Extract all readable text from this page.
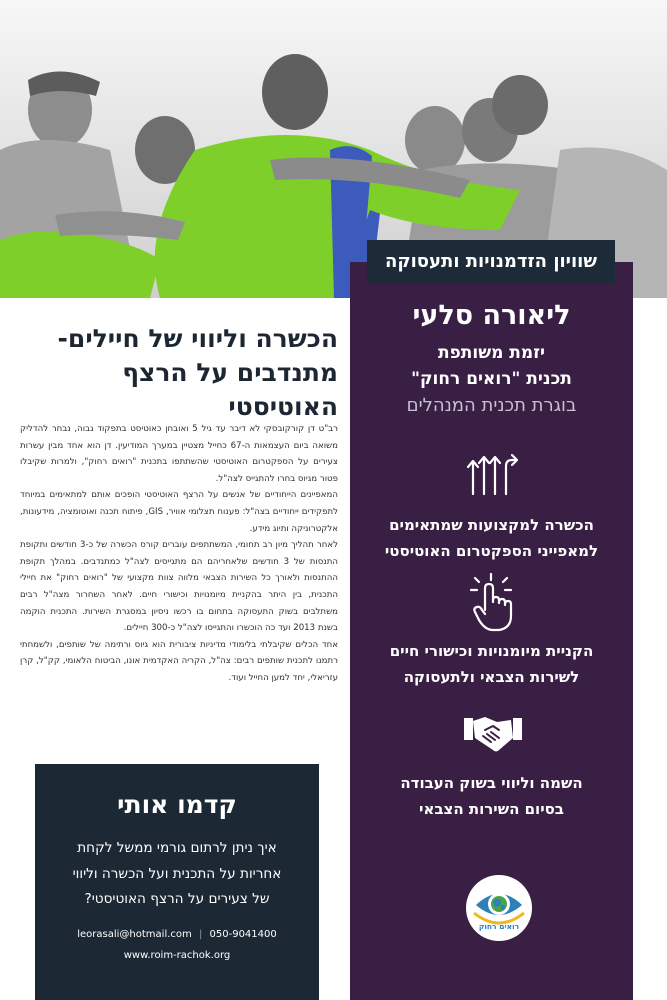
שוויון הזדמנויות ותעסוקה
ליאורה סלעי
יזמת משותפת
תכנית "רואים רחוק"
בוגרת תכנית המנהלים
הכשרה למקצועות שמתאימים
למאפייני הספקטרום האוטיסטי
הקניית מיומנויות וכישורי חיים
לשירות הצבאי ולתעסוקה
השמה וליווי בשוק העבודה
בסיום השירות הצבאי
רואים רחוק
הכשרה וליווי של חיילים-
מתנדבים על הרצף
האוטיסטי

רב"ט דן קורקובסקי לא דיבר עד גיל 5 ואובחן כאוטיסט בתפקוד גבוה, נבחר להדליק משואה ביום העצמאות ה-67 כחייל מצטיין במערך המודיעין. דן הוא אחד מבין עשרות צעירים על הספקטרום האוטיסטי שהשתתפו בתכנית "רואים רחוק", ולמרות שקיבלו פטור מגיוס בחרו להתגייס לצה"ל.

המאפיינים הייחודיים של אנשים על הרצף האוטיסטי הופכים אותם למתאימים במיוחד לתפקידים ייחודיים בצה"ל: פענוח תצלומי אוויר, GIS, פיתוח תכנה ואוטומציה, מידעונות, אלקטרוניקה ותיוג מידע.

לאחר תהליך מיון רב תחומי, המשתתפים עוברים קורס הכשרה של כ-3 חודשים ותקופת התנסות של 3 חודשים שלאחריהם הם מתגייסים לצה"ל כמתנדבים. במהלך תקופת ההתנסות ולאורך כל השירות הצבאי מלווה צוות מקצועי של "רואים רחוק" את חיילי התכנית, בין היתר בהקניית מיומנויות וכישורי חיים. לאחר השחרור מצה"ל רבים משתלבים בשוק התעסוקה בתחום בו רכשו ניסיון במסגרת השירות. התכנית הוקמה בשנת 2013 ועד כה הוכשרו והתגייסו לצה"ל כ-300 חיילים.

אחד הכלים שקיבלתי בלימודי מדיניות ציבורית הוא גיוס ורתימה של שותפים, ולשמחתי רתמנו לתכנית שותפים רבים: צה"ל, הקריה האקדמית אונו, הביטוח הלאומי, קק"ל, קרן עזריאלי, יחד למען החייל ועוד.

קדמו אותי
איך ניתן לרתום גורמי ממשל לקחת
אחריות על התכנית ועל הכשרה וליווי
של צעירים על הרצף האוטיסטי?
leorasali@hotmail.com | 050-9041400
www.roim-rachok.org
